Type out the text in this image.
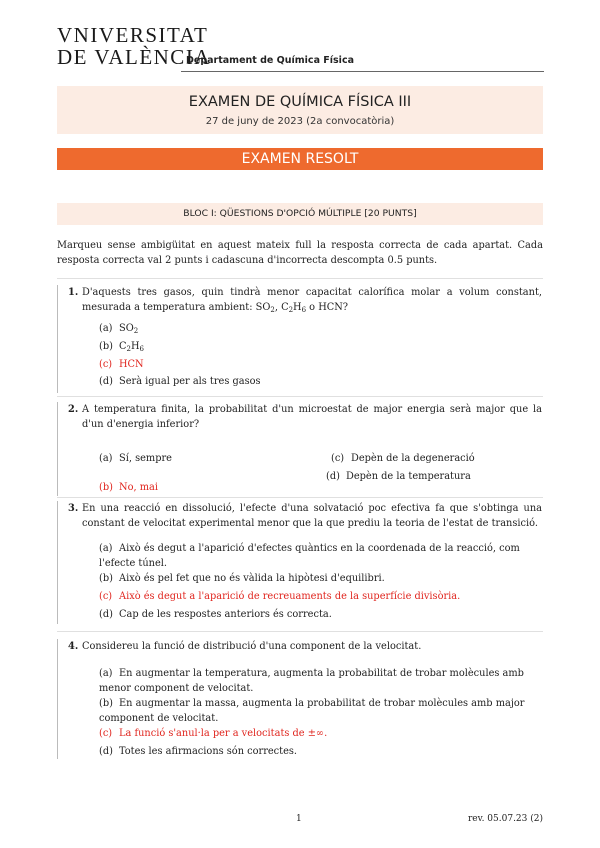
VNIVERSITAT
DE VALÈNCIA
Departament de Química Física
EXAMEN DE QUÍMICA FÍSICA III
27 de juny de 2023 (2a convocatòria)
EXAMEN RESOLT
BLOC I: QÜESTIONS D'OPCIÓ MÚLTIPLE [20 PUNTS]
Marqueu sense ambigüitat en aquest mateix full la resposta correcta de cada apartat. Cada resposta correcta val 2 punts i cadascuna d'incorrecta descompta 0.5 punts.
1. D'aquests tres gasos, quin tindrà menor capacitat calorífica molar a volum constant, mesurada a temperatura ambient: $SO_2$, $C_2H_6$ o HCN?
(a) $SO_2$
(b) $C_2H_6$
(c) HCN
(d) Serà igual per als tres gasos
2. A temperatura finita, la probabilitat d'un microestat de major energia serà major que la d'un d'energia inferior?
(a) Sí, sempre
(b) No, mai
(c) Depèn de la degeneració
(d) Depèn de la temperatura
3. En una reacció en dissolució, l'efecte d'una solvatació poc efectiva fa que s'obtinga una constant de velocitat experimental menor que la que prediu la teoria de l'estat de transició.
(a) Això és degut a l'aparició d'efectes quàntics en la coordenada de la reacció, com l'efecte túnel.
(b) Això és pel fet que no és vàlida la hipòtesi d'equilibri.
(c) Això és degut a l'aparició de recreuaments de la superfície divisòria.
(d) Cap de les respostes anteriors és correcta.
4. Considereu la funció de distribució d'una component de la velocitat.
(a) En augmentar la temperatura, augmenta la probabilitat de trobar molècules amb menor component de velocitat.
(b) En augmentar la massa, augmenta la probabilitat de trobar molècules amb major component de velocitat.
(c) La funció s'anul·la per a velocitats de ±∞.
(d) Totes les afirmacions són correctes.
1	rev. 05.07.23 (2)
